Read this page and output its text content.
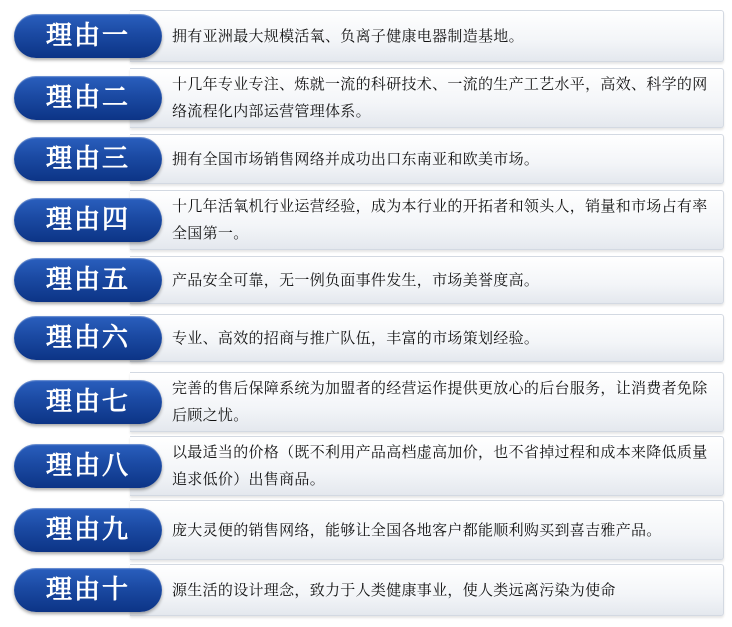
理由一	拥有亚洲最大规模活氧、负离子健康电器制造基地。
理由二	十几年专业专注、炼就一流的科研技术、一流的生产工艺水平，高效、科学的网络流程化内部运营管理体系。
理由三	拥有全国市场销售网络并成功出口东南亚和欧美市场。
理由四	十几年活氧机行业运营经验，成为本行业的开拓者和领头人，销量和市场占有率全国第一。
理由五	产品安全可靠，无一例负面事件发生，市场美誉度高。
理由六	专业、高效的招商与推广队伍，丰富的市场策划经验。
理由七	完善的售后保障系统为加盟者的经营运作提供更放心的后台服务，让消费者免除后顾之忧。
理由八	以最适当的价格（既不利用产品高档虚高加价，也不省掉过程和成本来降低质量追求低价）出售商品。
理由九	庞大灵便的销售网络，能够让全国各地客户都能顺利购买到喜吉雅产品。
理由十	源生活的设计理念，致力于人类健康事业，使人类远离污染为使命
